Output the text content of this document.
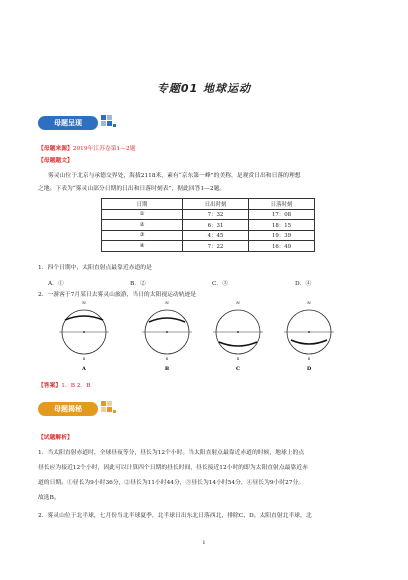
专题01 地球运动
母题呈现
【母题来源】2019年江苏卷第1—2题
【母题题文】
雾灵山位于北京与承德交界处，海拔2118米，素有“京东第一峰”的美称，是观赏日出和日落的理想
之地。下表为“雾灵山部分日期的日出和日落时刻表”，据此回答1—2题。
日期	日出时刻	日落时刻
①	7：32	17：08
②	6：31	18：15
③	4：45	19：39
④	7：22	16：49
1．四个日期中，太阳直射点最靠近赤道的是
A．①	B．②	C．③	D．④
2．一游客于7月某日去雾灵山旅游，当日的太阳视运动轨迹是
N
S
A
N
S
B
N
S
C
N
S
D
【答案】1．B 2．B
母题揭秘
【试题解析】
1．当太阳直射赤道时，全球昼夜等分，昼长为12个小时。当太阳直射点最靠近赤道的时候，地球上的点
昼长应为接近12个小时，因此可以计算四个日期的昼长时间，昼长接近12小时的即为太阳直射点最靠近赤
道的日期。①昼长为9小时36分，②昼长为11小时44分，③昼长为14小时54分，④昼长为9小时27分。
故选B。
2．雾灵山位于北半球，七月份当北半球夏季，北半球日出东北日落西北，排除C、D。太阳直射北半球，北
1
